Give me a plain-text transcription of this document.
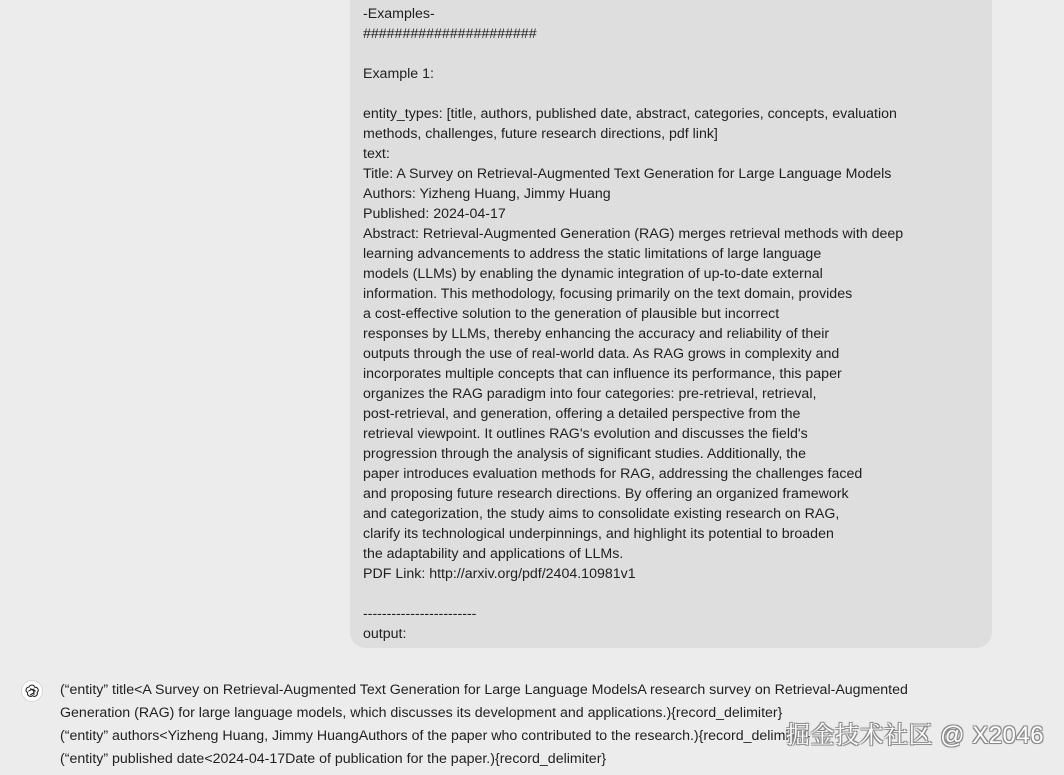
-Examples-
######################
Example 1:
entity_types: [title, authors, published date, abstract, categories, concepts, evaluation
methods, challenges, future research directions, pdf link]
text:
Title: A Survey on Retrieval-Augmented Text Generation for Large Language Models
Authors: Yizheng Huang, Jimmy Huang
Published: 2024-04-17
Abstract: Retrieval-Augmented Generation (RAG) merges retrieval methods with deep
learning advancements to address the static limitations of large language
models (LLMs) by enabling the dynamic integration of up-to-date external
information. This methodology, focusing primarily on the text domain, provides
a cost-effective solution to the generation of plausible but incorrect
responses by LLMs, thereby enhancing the accuracy and reliability of their
outputs through the use of real-world data. As RAG grows in complexity and
incorporates multiple concepts that can influence its performance, this paper
organizes the RAG paradigm into four categories: pre-retrieval, retrieval,
post-retrieval, and generation, offering a detailed perspective from the
retrieval viewpoint. It outlines RAG's evolution and discusses the field's
progression through the analysis of significant studies. Additionally, the
paper introduces evaluation methods for RAG, addressing the challenges faced
and proposing future research directions. By offering an organized framework
and categorization, the study aims to consolidate existing research on RAG,
clarify its technological underpinnings, and highlight its potential to broaden
the adaptability and applications of LLMs.
PDF Link: http://arxiv.org/pdf/2404.10981v1
------------------------
output:
(“entity” title<A Survey on Retrieval-Augmented Text Generation for Large Language ModelsA research survey on Retrieval-Augmented
Generation (RAG) for large language models, which discusses its development and applications.){record_delimiter}
(“entity” authors<Yizheng Huang, Jimmy HuangAuthors of the paper who contributed to the research.){record_delimiter}
(“entity” published date<2024-04-17Date of publication for the paper.){record_delimiter}
掘金技术社区 @ X2046
